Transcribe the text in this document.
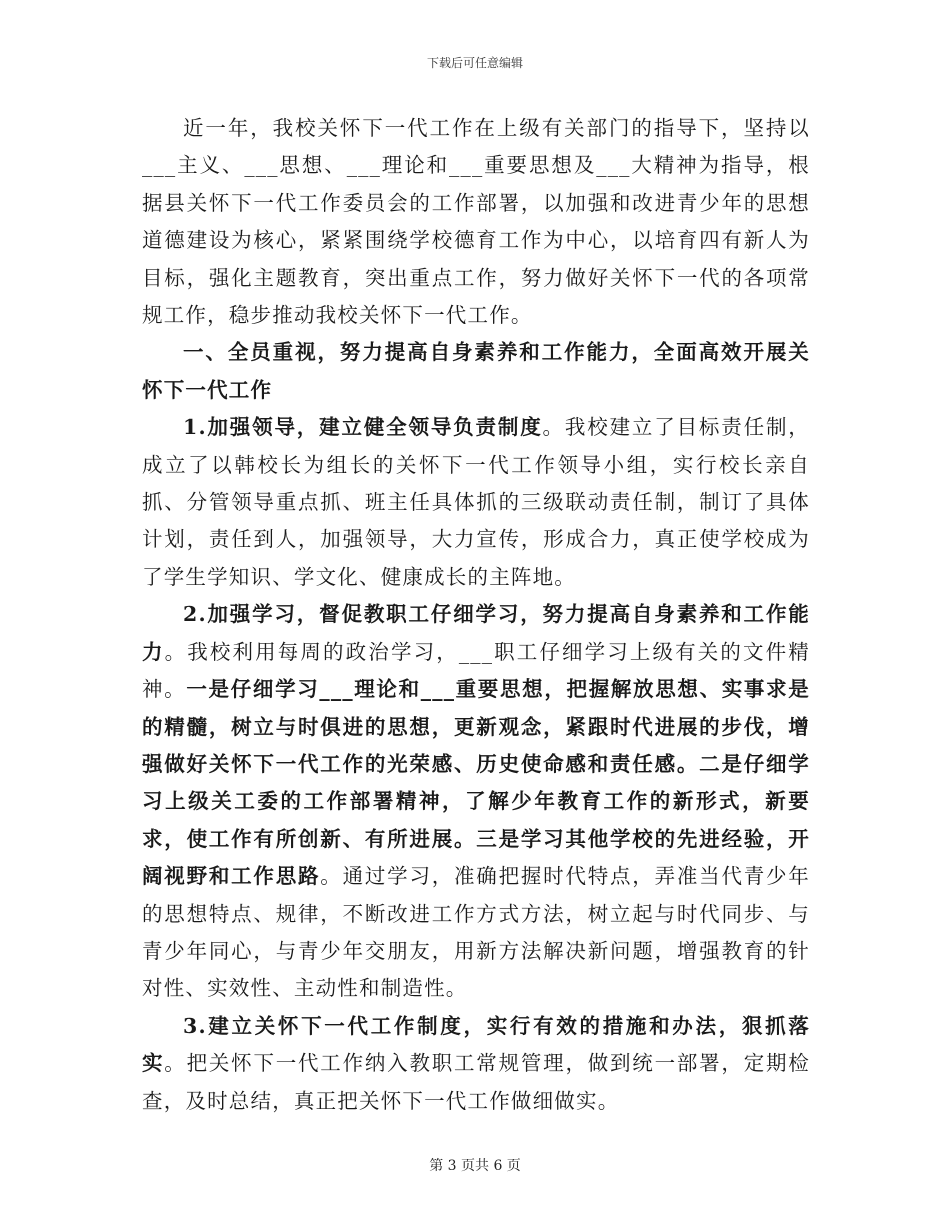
下载后可任意编辑

近一年，我校关怀下一代工作在上级有关部门的指导下，坚持以___主义、___思想、___理论和___重要思想及___大精神为指导，根据县关怀下一代工作委员会的工作部署，以加强和改进青少年的思想道德建设为核心，紧紧围绕学校德育工作为中心，以培育四有新人为目标，强化主题教育，突出重点工作，努力做好关怀下一代的各项常规工作，稳步推动我校关怀下一代工作。

一、全员重视，努力提高自身素养和工作能力，全面高效开展关怀下一代工作

1.加强领导，建立健全领导负责制度。我校建立了目标责任制，成立了以韩校长为组长的关怀下一代工作领导小组，实行校长亲自抓、分管领导重点抓、班主任具体抓的三级联动责任制，制订了具体计划，责任到人，加强领导，大力宣传，形成合力，真正使学校成为了学生学知识、学文化、健康成长的主阵地。

2.加强学习，督促教职工仔细学习，努力提高自身素养和工作能力。我校利用每周的政治学习，___职工仔细学习上级有关的文件精神。一是仔细学习___理论和___重要思想，把握解放思想、实事求是的精髓，树立与时俱进的思想，更新观念，紧跟时代进展的步伐，增强做好关怀下一代工作的光荣感、历史使命感和责任感。二是仔细学习上级关工委的工作部署精神，了解少年教育工作的新形式，新要求，使工作有所创新、有所进展。三是学习其他学校的先进经验，开阔视野和工作思路。通过学习，准确把握时代特点，弄准当代青少年的思想特点、规律，不断改进工作方式方法，树立起与时代同步、与青少年同心，与青少年交朋友，用新方法解决新问题，增强教育的针对性、实效性、主动性和制造性。

3.建立关怀下一代工作制度，实行有效的措施和办法，狠抓落实。把关怀下一代工作纳入教职工常规管理，做到统一部署，定期检查，及时总结，真正把关怀下一代工作做细做实。

第 3 页共 6 页
